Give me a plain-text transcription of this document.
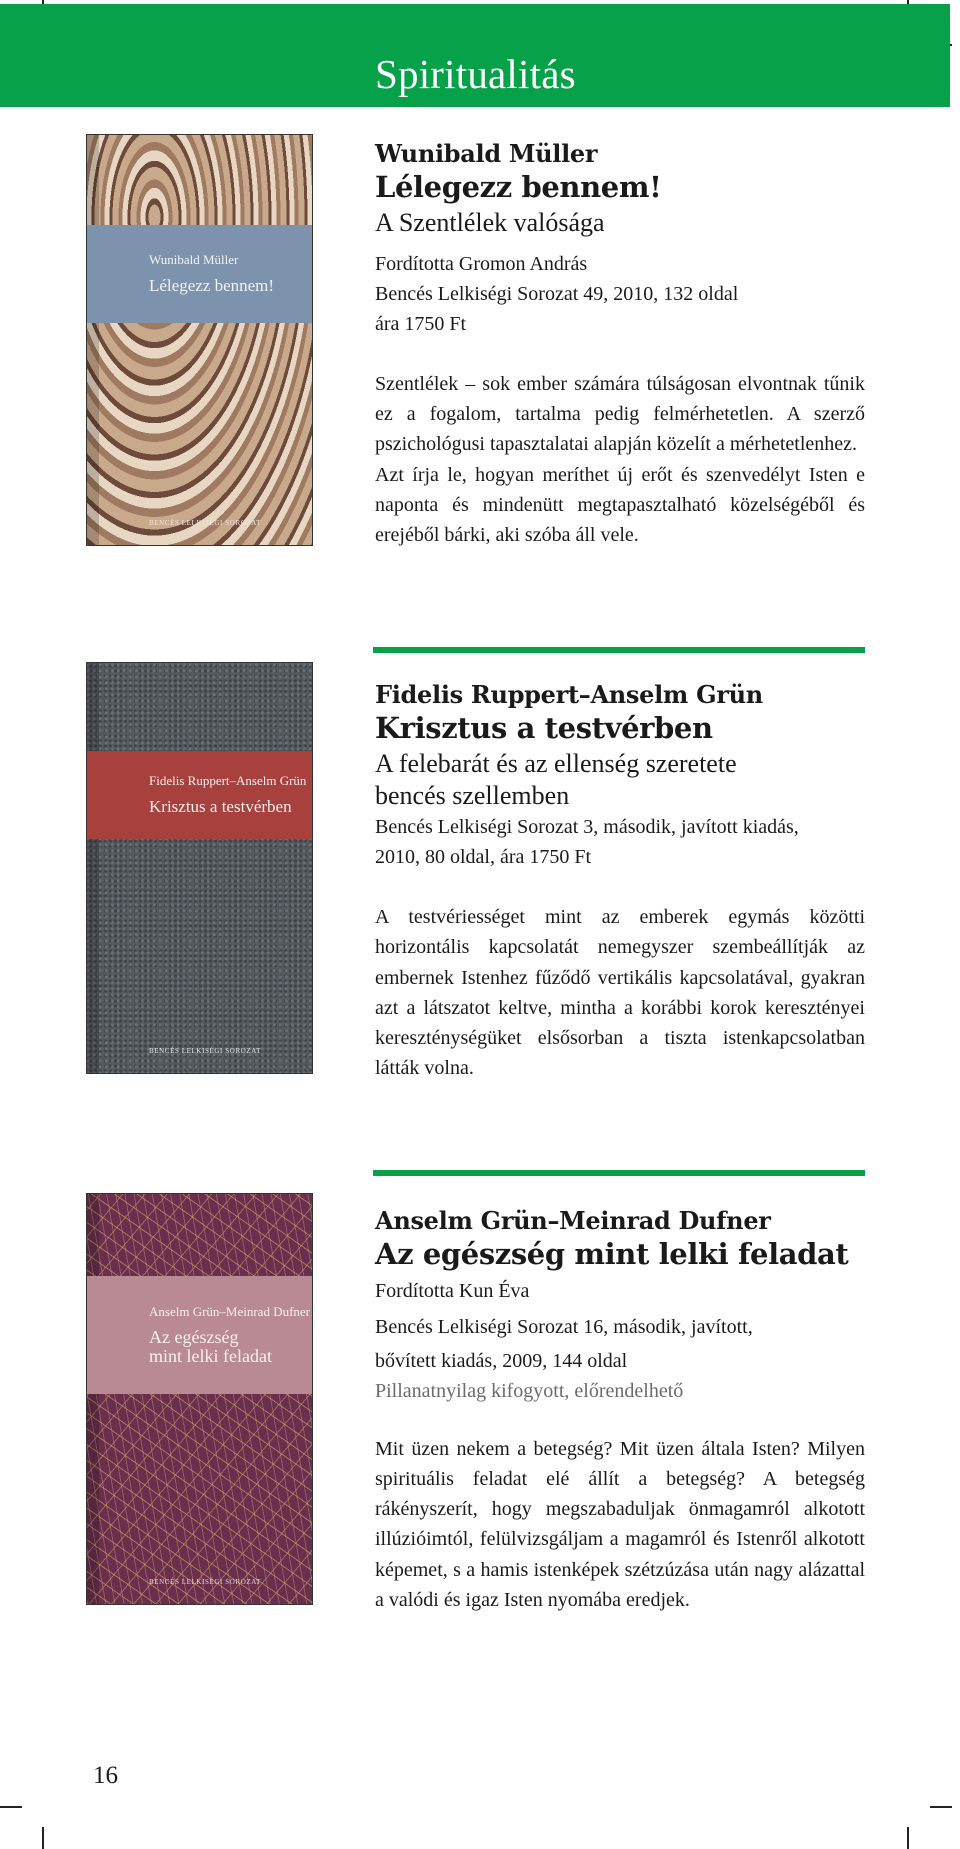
Spiritualitás
Wunibald Müller
Lélegezz bennem!
BENCÉS LELKISÉGI SOROZAT
Wunibald Müller
Lélegezz bennem!
A Szentlélek valósága
Fordította Gromon András
Bencés Lelkiségi Sorozat 49, 2010, 132 oldal
ára 1750 Ft

Szentlélek – sok ember számára túlságosan elvontnak tűnik ez a fogalom, tartalma pedig felmérhetetlen. A szerző pszichológusi tapasztalatai alapján közelít a mérhetetlenhez.

Azt írja le, hogyan meríthet új erőt és szenvedélyt Isten e naponta és mindenütt megtapasztalható közelségéből és erejéből bárki, aki szóba áll vele.

Fidelis Ruppert–Anselm Grün
Krisztus a testvérben
BENCÉS LELKISÉGI SOROZAT
Fidelis Ruppert–Anselm Grün
Krisztus a testvérben
A felebarát és az ellenség szeretete
bencés szellemben
Bencés Lelkiségi Sorozat 3, második, javított kiadás,
2010, 80 oldal, ára 1750 Ft

A testvériességet mint az emberek egymás közötti horizontális kapcsolatát nemegyszer szembeállítják az embernek Istenhez fűződő vertikális kapcsolatával, gyakran azt a látszatot keltve, mintha a korábbi korok keresztényei kereszténységüket elsősorban a tiszta istenkapcsolatban látták volna.

Anselm Grün–Meinrad Dufner
Az egészség
mint lelki feladat
BENCÉS LELKISÉGI SOROZAT
Anselm Grün–Meinrad Dufner
Az egészség mint lelki feladat
Fordította Kun Éva
Bencés Lelkiségi Sorozat 16, második, javított,
bővített kiadás, 2009, 144 oldal
Pillanatnyilag kifogyott, előrendelhető

Mit üzen nekem a betegség? Mit üzen általa Isten? Milyen spirituális feladat elé állít a betegség? A betegség rákényszerít, hogy megszabaduljak önmagamról alkotott illúzióimtól, felülvizsgáljam a magamról és Istenről alkotott képemet, s a hamis istenképek szétzúzása után nagy alázattal a valódi és igaz Isten nyomába eredjek.

16
